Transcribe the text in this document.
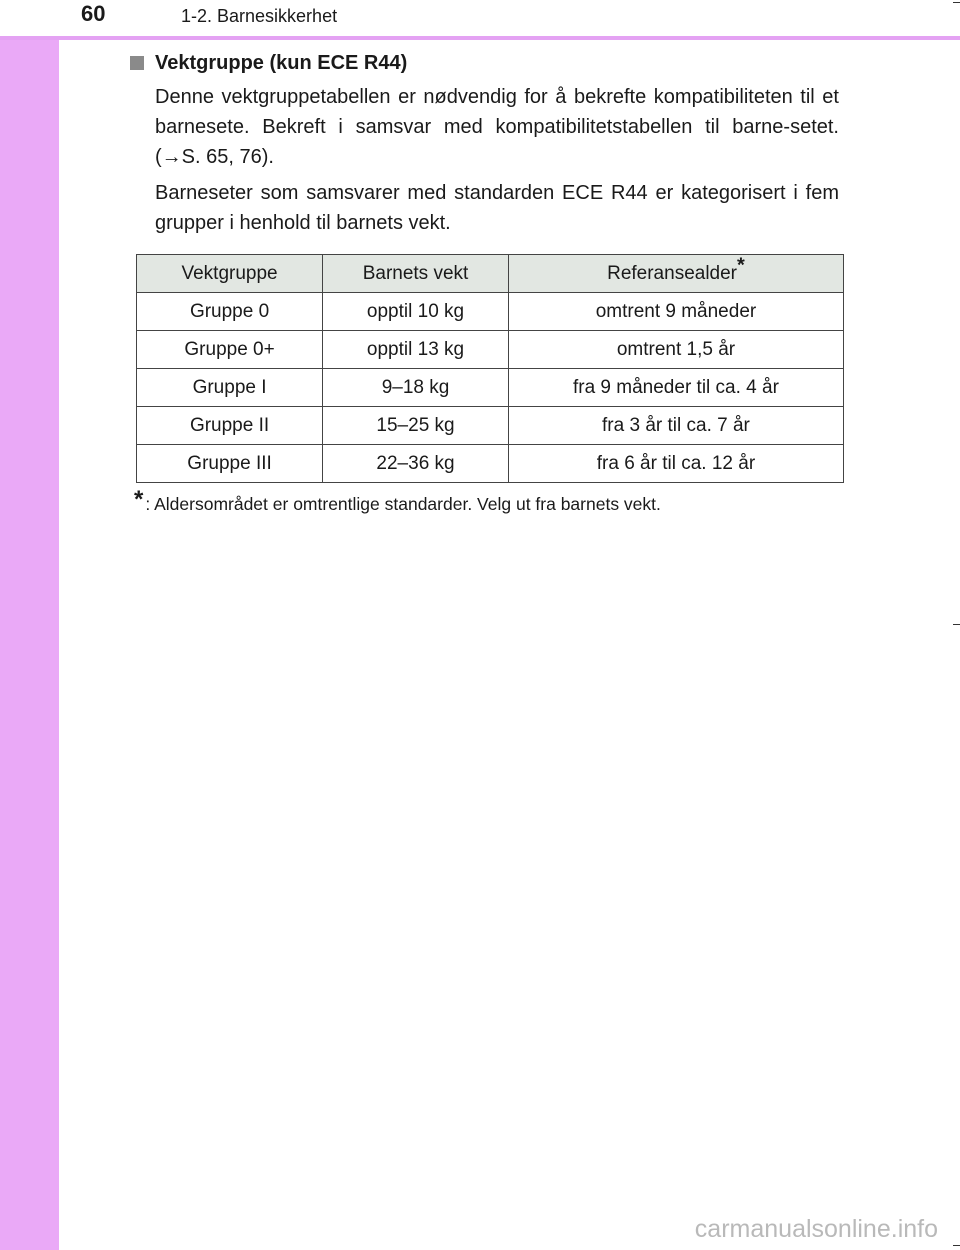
60	1-2. Barnesikkerhet
Vektgruppe (kun ECE R44)

Denne vektgruppetabellen er nødvendig for å bekrefte kompatibiliteten til et barnesete. Bekreft i samsvar med kompatibilitetstabellen til barne-setet. (→S. 65, 76).

Barneseter som samsvarer med standarden ECE R44 er kategorisert i fem grupper i henhold til barnets vekt.

Vektgruppe	Barnets vekt	Referansealder*
Gruppe 0	opptil 10 kg	omtrent 9 måneder
Gruppe 0+	opptil 13 kg	omtrent 1,5 år
Gruppe I	9–18 kg	fra 9 måneder til ca. 4 år
Gruppe II	15–25 kg	fra 3 år til ca. 7 år
Gruppe III	22–36 kg	fra 6 år til ca. 12 år
* : Aldersområdet er omtrentlige standarder. Velg ut fra barnets vekt.
carmanualsonline.info
